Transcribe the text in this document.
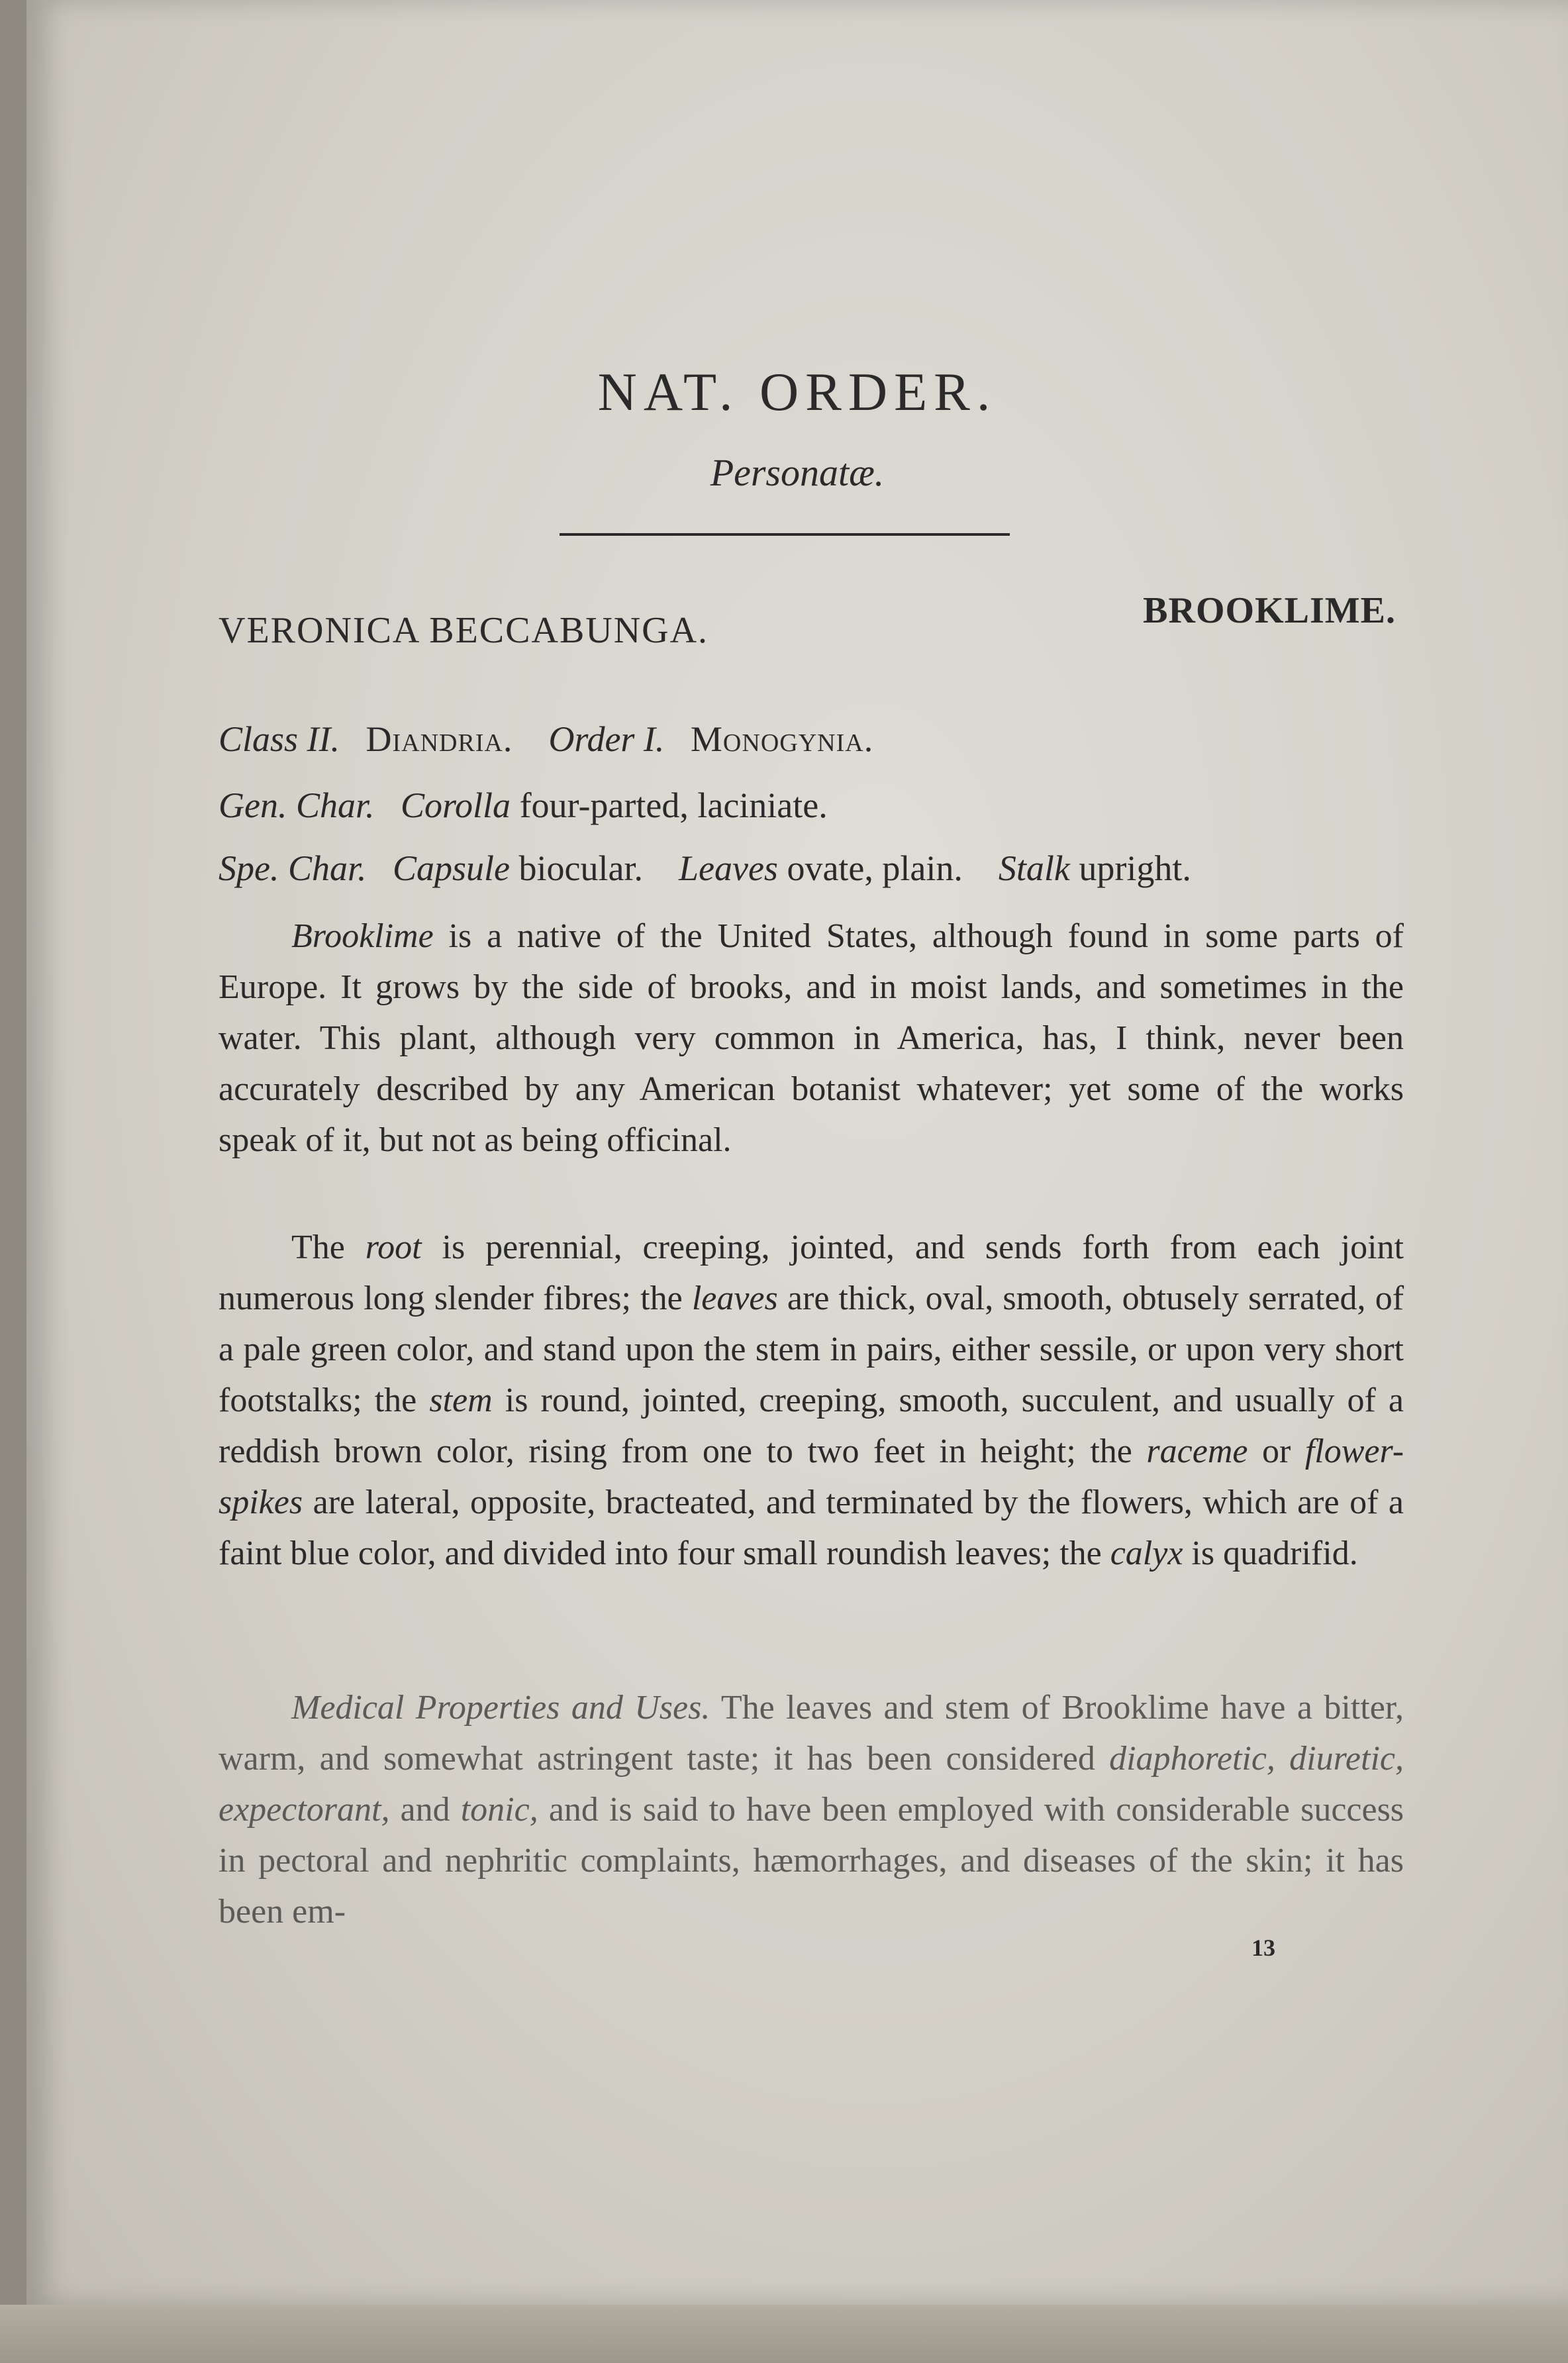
NAT. ORDER.
Personatæ.
VERONICA BECCABUNGA.	BROOKLIME.
Class II. Diandria. Order I. Monogynia.
Gen. Char. Corolla four-parted, laciniate.
Spe. Char. Capsule biocular. Leaves ovate, plain. Stalk upright.
Brooklime is a native of the United States, although found in some parts of Europe. It grows by the side of brooks, and in moist lands, and sometimes in the water. This plant, although very common in America, has, I think, never been accurately described by any American botanist whatever; yet some of the works speak of it, but not as being officinal.
The root is perennial, creeping, jointed, and sends forth from each joint numerous long slender fibres; the leaves are thick, oval, smooth, obtusely serrated, of a pale green color, and stand upon the stem in pairs, either sessile, or upon very short footstalks; the stem is round, jointed, creeping, smooth, succulent, and usually of a reddish brown color, rising from one to two feet in height; the raceme or flower-spikes are lateral, opposite, bracteated, and terminated by the flowers, which are of a faint blue color, and divided into four small roundish leaves; the calyx is quadrifid.
Medical Properties and Uses. The leaves and stem of Brooklime have a bitter, warm, and somewhat astringent taste; it has been considered diaphoretic, diuretic, expectorant, and tonic, and is said to have been employed with considerable success in pectoral and nephritic complaints, hæmorrhages, and diseases of the skin; it has been em-
13
